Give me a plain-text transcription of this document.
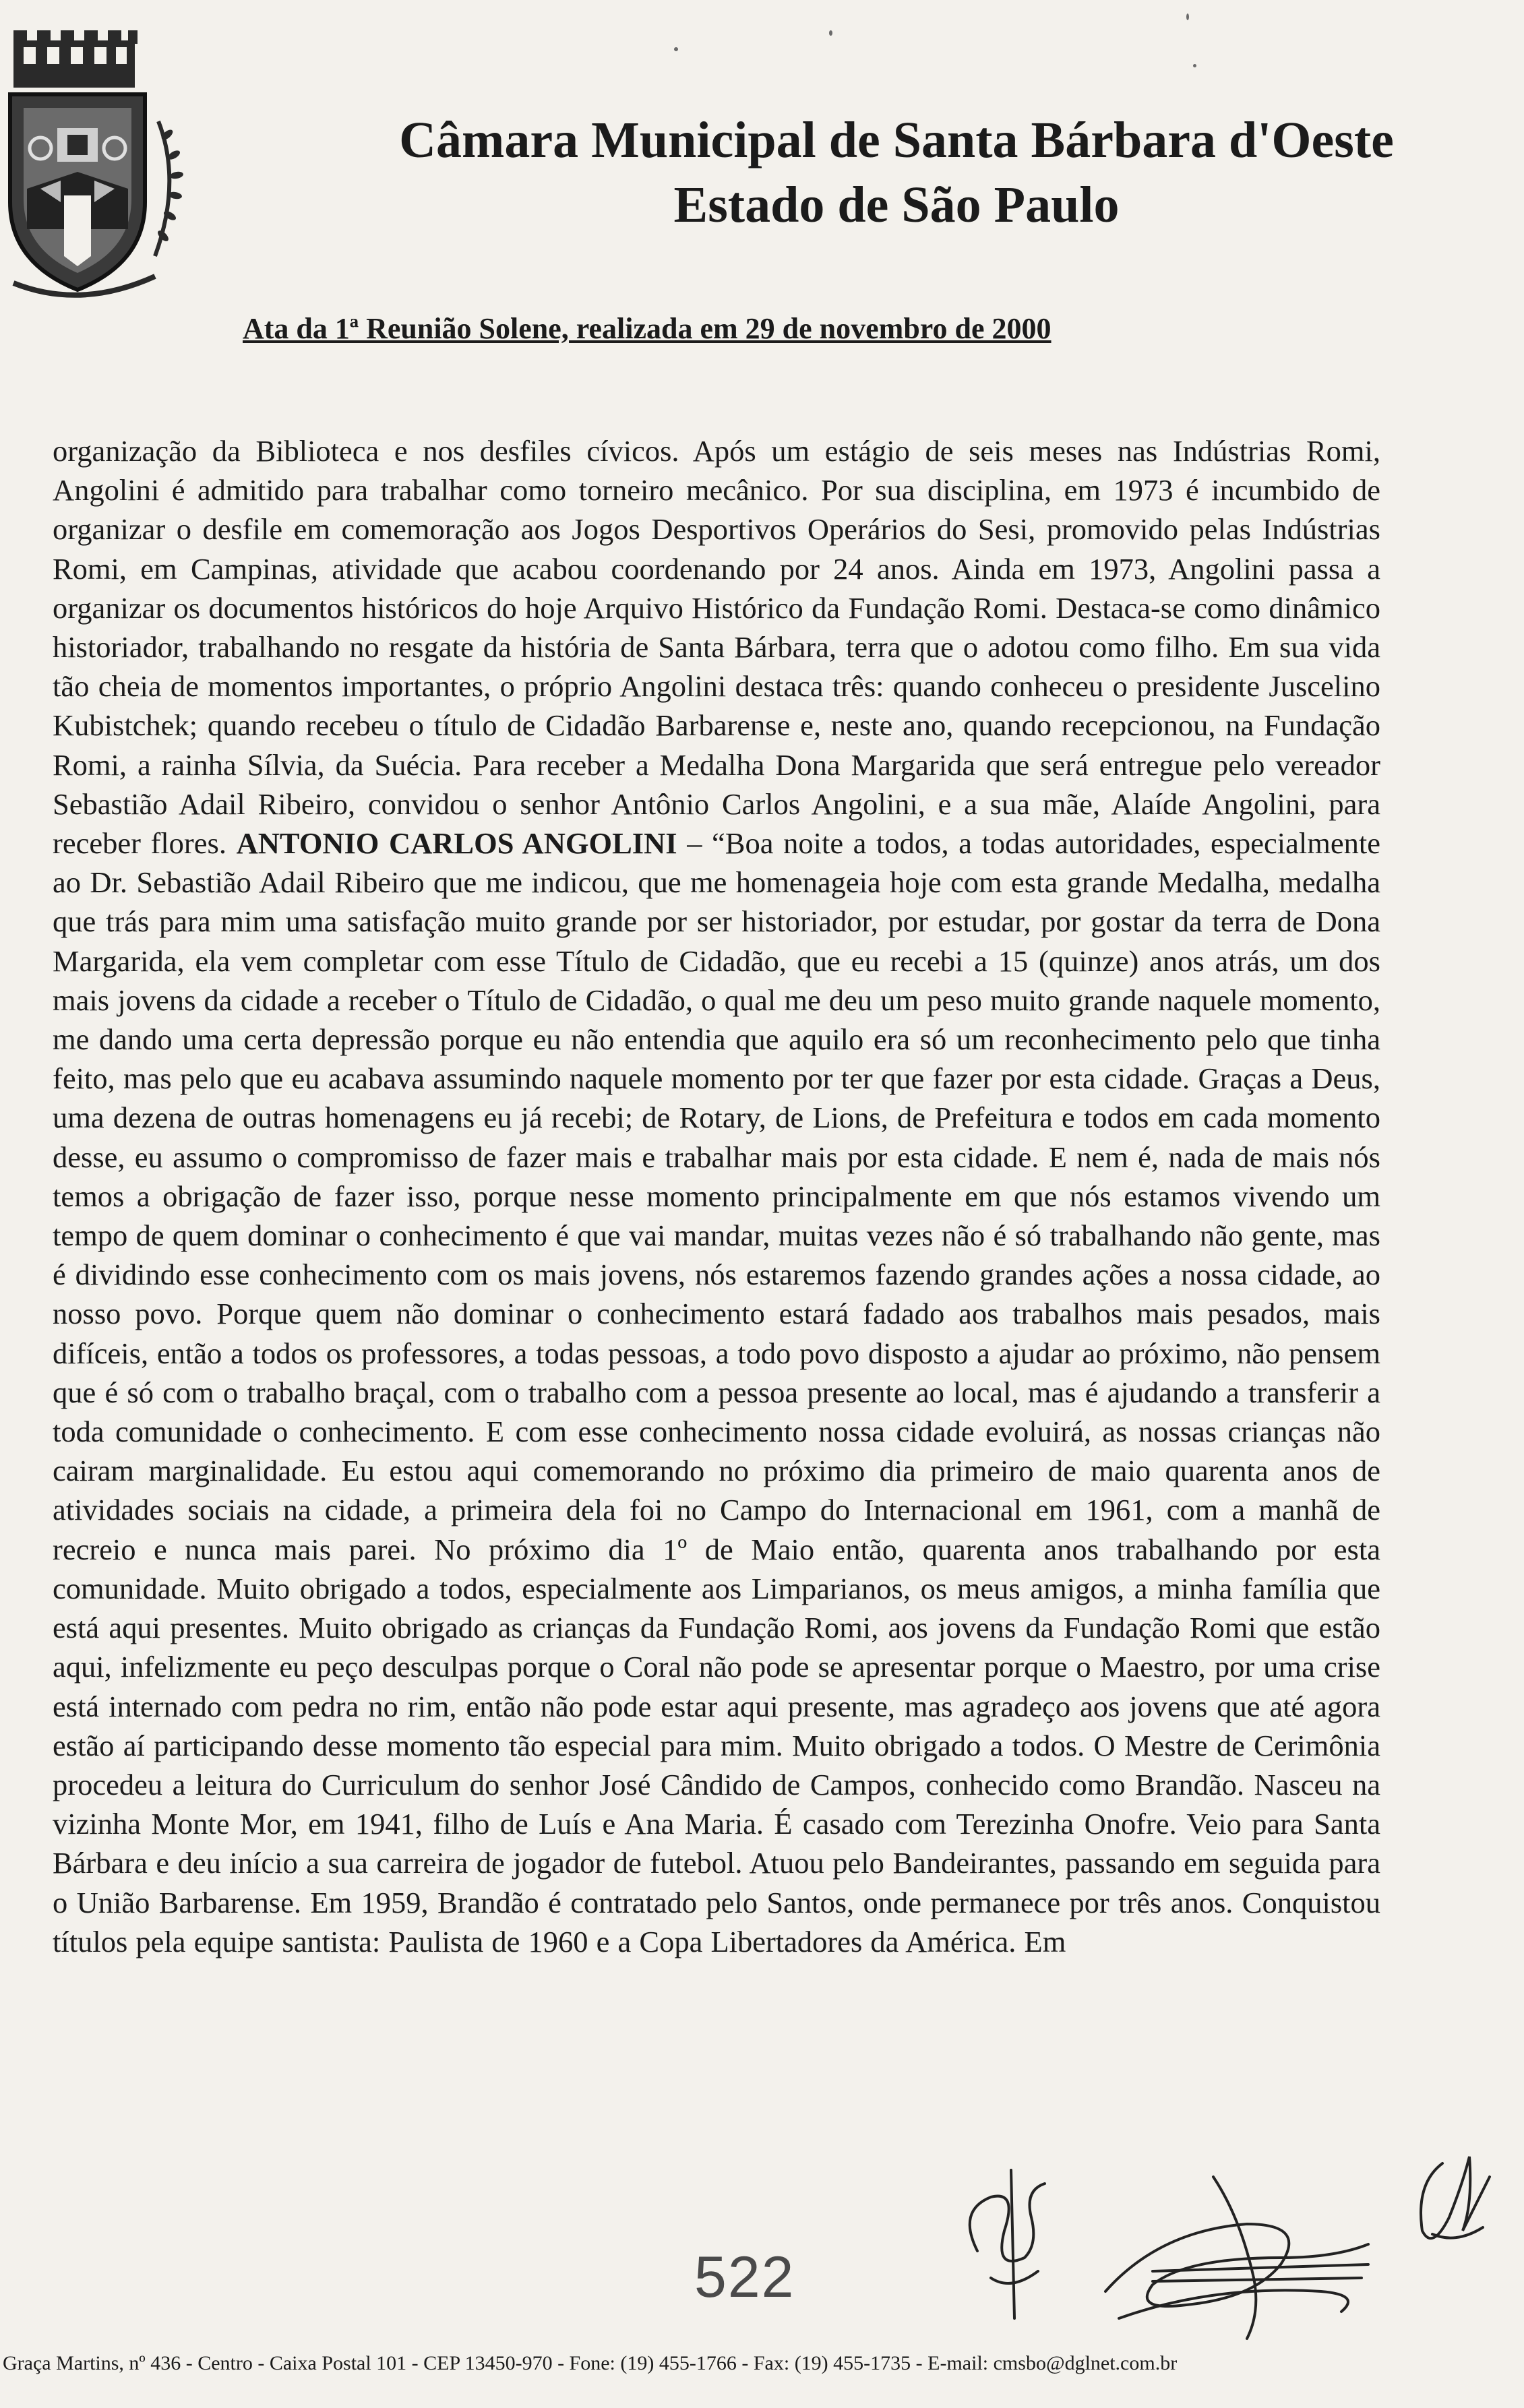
Câmara Municipal de Santa Bárbara d'Oeste
Estado de São Paulo

Ata da 1ª Reunião Solene, realizada em 29 de novembro de 2000

organização da Biblioteca e nos desfiles cívicos. Após um estágio de seis meses nas Indústrias Romi, Angolini é admitido para trabalhar como torneiro mecânico. Por sua disciplina, em 1973 é incumbido de organizar o desfile em comemoração aos Jogos Desportivos Operários do Sesi, promovido pelas Indústrias Romi, em Campinas, atividade que acabou coordenando por 24 anos. Ainda em 1973, Angolini passa a organizar os documentos históricos do hoje Arquivo Histórico da Fundação Romi. Destaca-se como dinâmico historiador, trabalhando no resgate da história de Santa Bárbara, terra que o adotou como filho. Em sua vida tão cheia de momentos importantes, o próprio Angolini destaca três: quando conheceu o presidente Juscelino Kubistchek; quando recebeu o título de Cidadão Barbarense e, neste ano, quando recepcionou, na Fundação Romi, a rainha Sílvia, da Suécia. Para receber a Medalha Dona Margarida que será entregue pelo vereador Sebastião Adail Ribeiro, convidou o senhor Antônio Carlos Angolini, e a sua mãe, Alaíde Angolini, para receber flores. ANTONIO CARLOS ANGOLINI – “Boa noite a todos, a todas autoridades, especialmente ao Dr. Sebastião Adail Ribeiro que me indicou, que me homenageia hoje com esta grande Medalha, medalha que trás para mim uma satisfação muito grande por ser historiador, por estudar, por gostar da terra de Dona Margarida, ela vem completar com esse Título de Cidadão, que eu recebi a 15 (quinze) anos atrás, um dos mais jovens da cidade a receber o Título de Cidadão, o qual me deu um peso muito grande naquele momento, me dando uma certa depressão porque eu não entendia que aquilo era só um reconhecimento pelo que tinha feito, mas pelo que eu acabava assumindo naquele momento por ter que fazer por esta cidade. Graças a Deus, uma dezena de outras homenagens eu já recebi; de Rotary, de Lions, de Prefeitura e todos em cada momento desse, eu assumo o compromisso de fazer mais e trabalhar mais por esta cidade. E nem é, nada de mais nós temos a obrigação de fazer isso, porque nesse momento principalmente em que nós estamos vivendo um tempo de quem dominar o conhecimento é que vai mandar, muitas vezes não é só trabalhando não gente, mas é dividindo esse conhecimento com os mais jovens, nós estaremos fazendo grandes ações a nossa cidade, ao nosso povo. Porque quem não dominar o conhecimento estará fadado aos trabalhos mais pesados, mais difíceis, então a todos os professores, a todas pessoas, a todo povo disposto a ajudar ao próximo, não pensem que é só com o trabalho braçal, com o trabalho com a pessoa presente ao local, mas é ajudando a transferir a toda comunidade o conhecimento. E com esse conhecimento nossa cidade evoluirá, as nossas crianças não cairam marginalidade. Eu estou aqui comemorando no próximo dia primeiro de maio quarenta anos de atividades sociais na cidade, a primeira dela foi no Campo do Internacional em 1961, com a manhã de recreio e nunca mais parei. No próximo dia 1º de Maio então, quarenta anos trabalhando por esta comunidade. Muito obrigado a todos, especialmente aos Limparianos, os meus amigos, a minha família que está aqui presentes. Muito obrigado as crianças da Fundação Romi, aos jovens da Fundação Romi que estão aqui, infelizmente eu peço desculpas porque o Coral não pode se apresentar porque o Maestro, por uma crise está internado com pedra no rim, então não pode estar aqui presente, mas agradeço aos jovens que até agora estão aí participando desse momento tão especial para mim. Muito obrigado a todos. O Mestre de Cerimônia procedeu a leitura do Curriculum do senhor José Cândido de Campos, conhecido como Brandão. Nasceu na vizinha Monte Mor, em 1941, filho de Luís e Ana Maria. É casado com Terezinha Onofre. Veio para Santa Bárbara e deu início a sua carreira de jogador de futebol. Atuou pelo Bandeirantes, passando em seguida para o União Barbarense. Em 1959, Brandão é contratado pelo Santos, onde permanece por três anos. Conquistou títulos pela equipe santista: Paulista de 1960 e a Copa Libertadores da América. Em

522
Graça Martins, nº 436 - Centro - Caixa Postal 101 - CEP 13450-970 - Fone: (19) 455-1766 - Fax: (19) 455-1735 - E-mail: cmsbo@dglnet.com.br
